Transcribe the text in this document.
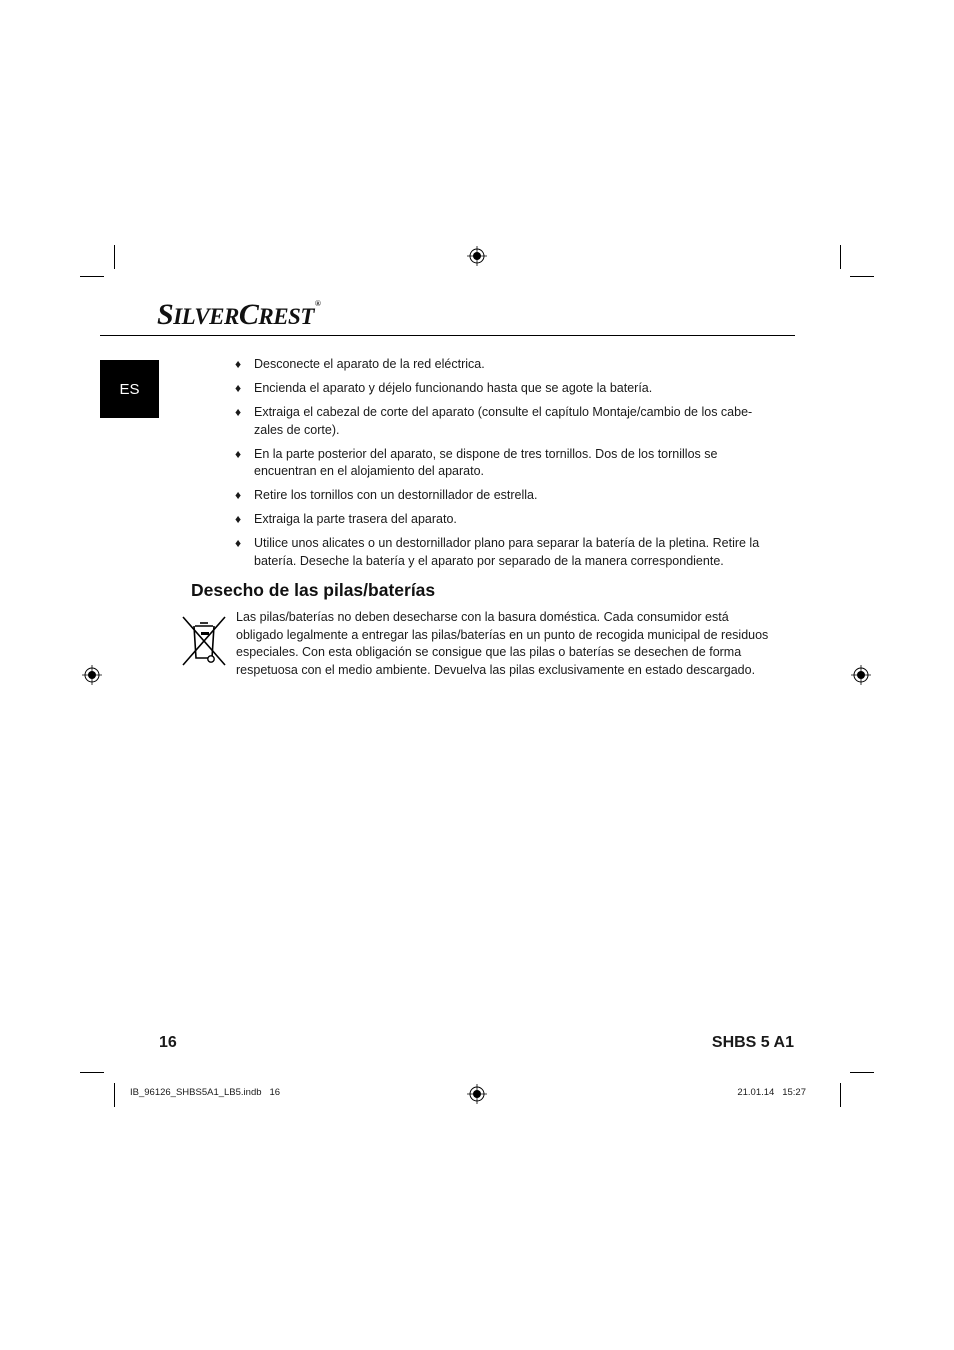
SILVERCREST®
ES
♦ Desconecte el aparato de la red eléctrica.
♦ Encienda el aparato y déjelo funcionando hasta que se agote la batería.
♦ Extraiga el cabezal de corte del aparato (consulte el capítulo Montaje/cambio de los cabe-
zales de corte).
♦ En la parte posterior del aparato, se dispone de tres tornillos. Dos de los tornillos se encuentran en el alojamiento del aparato.
♦ Retire los tornillos con un destornillador de estrella.
♦ Extraiga la parte trasera del aparato.
♦ Utilice unos alicates o un destornillador plano para separar la batería de la pletina. Retire la batería. Deseche la batería y el aparato por separado de la manera correspondiente.
Desecho de las pilas/baterías

Las pilas/baterías no deben desecharse con la basura doméstica. Cada consumidor está obligado legalmente a entregar las pilas/baterías en un punto de recogida municipal de residuos especiales. Con esta obligación se consigue que las pilas o baterías se desechen de forma respetuosa con el medio ambiente. Devuelva las pilas exclusivamente en estado descargado.

16	SHBS 5 A1
IB_96126_SHBS5A1_LB5.indb   16	21.01.14   15:27
